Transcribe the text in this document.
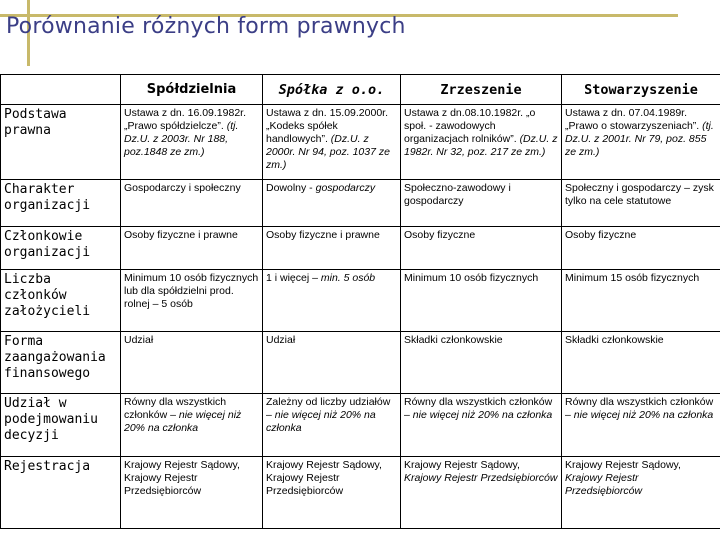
Porównanie różnych form prawnych
	Spółdzielnia	Spółka z o.o.	Zrzeszenie	Stowarzyszenie
Podstawa prawna	Ustawa z dn. 16.09.1982r. „Prawo spółdzielcze”. (tj. Dz.U. z 2003r. Nr 188, poz.1848 ze zm.)	Ustawa z dn. 15.09.2000r. „Kodeks spółek handlowych”. (Dz.U. z 2000r. Nr 94, poz. 1037 ze zm.)	Ustawa z dn.08.10.1982r. „o społ. - zawodowych organizacjach rolników”. (Dz.U. z 1982r. Nr 32, poz. 217 ze zm.)	Ustawa z dn. 07.04.1989r. „Prawo o stowarzyszeniach”. (tj. Dz.U. z 2001r. Nr 79, poz. 855 ze zm.)
Charakter organizacji	Gospodarczy i społeczny	Dowolny - gospodarczy	Społeczno-zawodowy i gospodarczy	Społeczny i gospodarczy – zysk tylko na cele statutowe
Członkowie organizacji	Osoby fizyczne i prawne	Osoby fizyczne i prawne	Osoby fizyczne	Osoby fizyczne
Liczba członków założycieli	Minimum 10 osób fizycznych lub dla spółdzielni prod. rolnej – 5 osób	1 i więcej – min. 5 osób	Minimum 10 osób fizycznych	Minimum 15 osób fizycznych
Forma zaangażowania finansowego	Udział	Udział	Składki członkowskie	Składki członkowskie
Udział w podejmowaniu decyzji	Równy dla wszystkich członków – nie więcej niż 20% na członka	Zależny od liczby udziałów – nie więcej niż 20% na członka	Równy dla wszystkich członków – nie więcej niż 20% na członka	Równy dla wszystkich członków – nie więcej niż 20% na członka
Rejestracja	Krajowy Rejestr Sądowy, Krajowy Rejestr Przedsiębiorców	Krajowy Rejestr Sądowy, Krajowy Rejestr Przedsiębiorców	Krajowy Rejestr Sądowy, Krajowy Rejestr Przedsiębiorców	Krajowy Rejestr Sądowy, Krajowy Rejestr Przedsiębiorców
